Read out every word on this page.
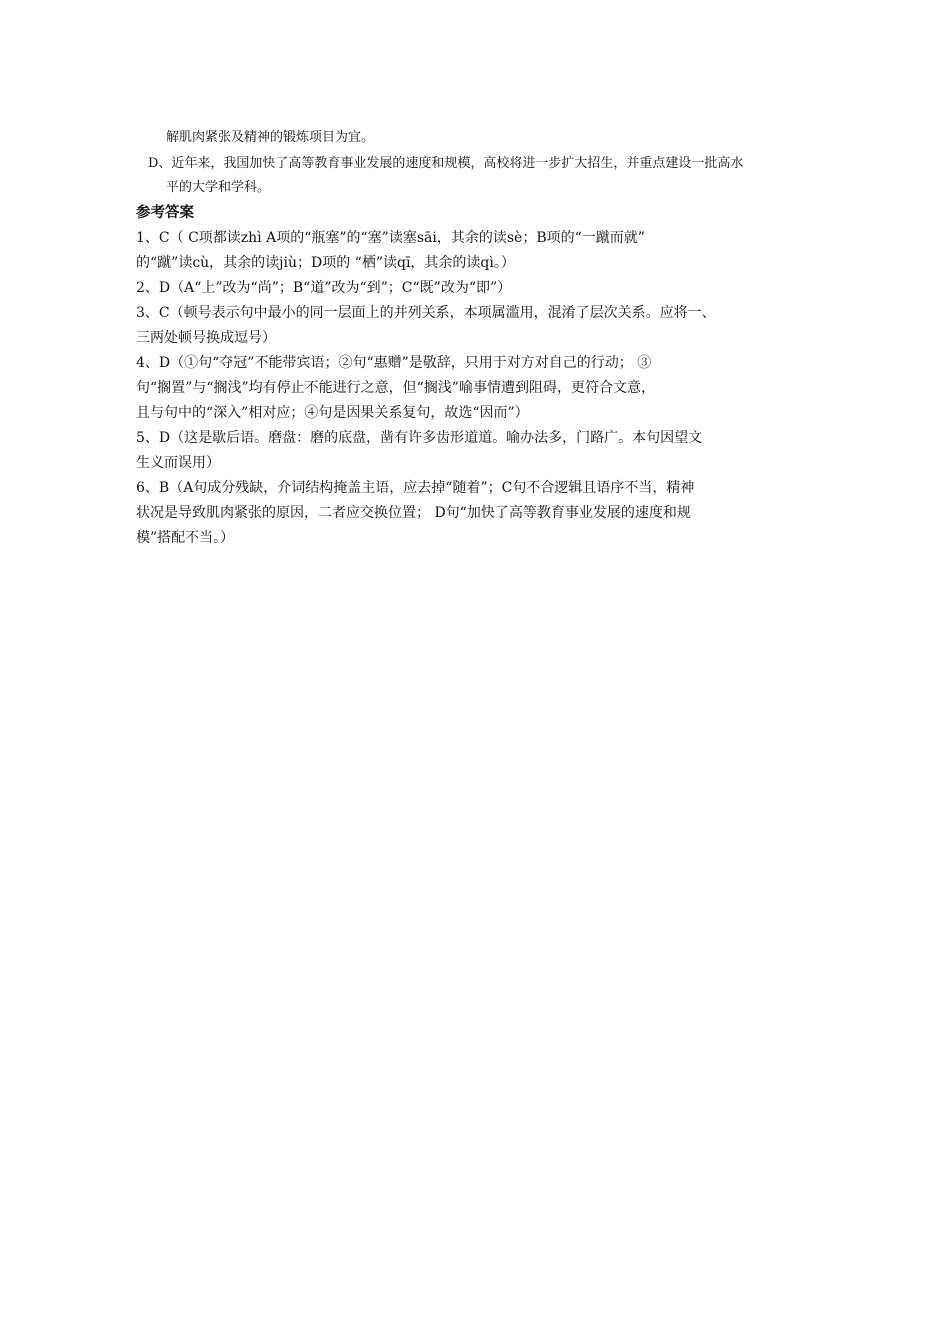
解肌肉紧张及精神的锻炼项目为宜。
D、近年来，我国加快了高等教育事业发展的速度和规模，高校将进一步扩大招生，并重点建设一批高水
平的大学和学科。
参考答案
1、C（ C项都读zhì A项的“瓶塞”的“塞”读塞sāi，其余的读sè；B项的“一蹴而就”
的“蹴”读cù，其余的读jiù；D项的 “栖”读qī，其余的读qì。）
2、D（A“上”改为“尚”；B“道”改为“到”；C“既”改为“即”）
3、C（顿号表示句中最小的同一层面上的并列关系，本项属滥用，混淆了层次关系。应将一、
三两处顿号换成逗号）
4、D（①句“夺冠”不能带宾语；②句“惠赠”是敬辞，只用于对方对自己的行动； ③
句“搁置”与“搁浅”均有停止不能进行之意，但“搁浅”喻事情遭到阻碍，更符合文意，
且与句中的“深入”相对应；④句是因果关系复句，故选“因而”）
5、D（这是歇后语。磨盘：磨的底盘，凿有许多齿形道道。喻办法多，门路广。本句因望文
生义而误用）
6、B（A句成分残缺，介词结构掩盖主语，应去掉“随着”；C句不合逻辑且语序不当，精神
状况是导致肌肉紧张的原因，二者应交换位置； D句“加快了高等教育事业发展的速度和规
模”搭配不当。）
